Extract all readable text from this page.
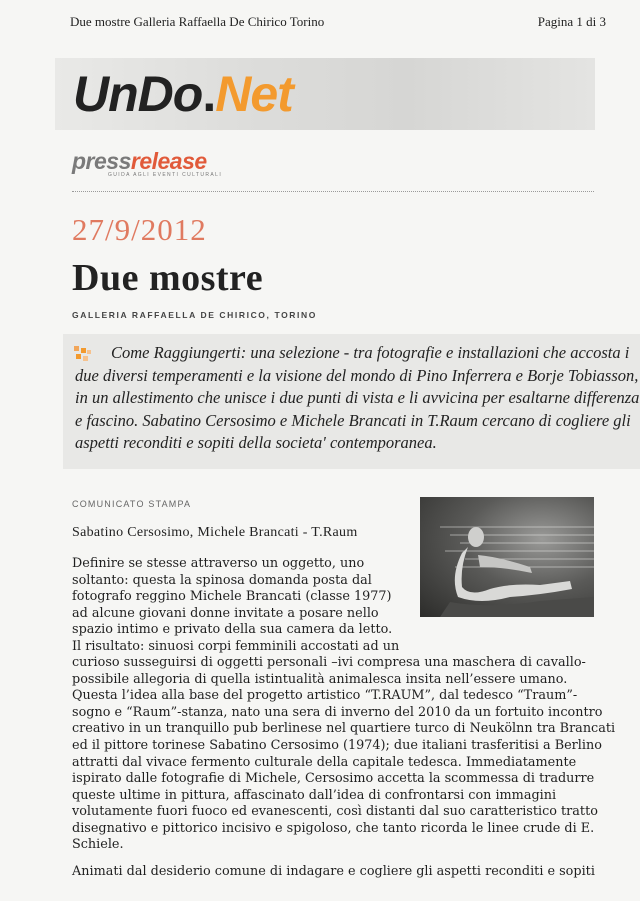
Due mostre Galleria Raffaella De Chirico Torino	Pagina 1 di 3
UnDo.Net
pressrelease
GUIDA AGLI EVENTI CULTURALI
27/9/2012
Due mostre
GALLERIA RAFFAELLA DE CHIRICO, TORINO
Come Raggiungerti: una selezione - tra fotografie e installazioni che accosta i due diversi temperamenti e la visione del mondo di Pino Inferrera e Borje Tobiasson, in un allestimento che unisce i due punti di vista e li avvicina per esaltarne differenza e fascino. Sabatino Cersosimo e Michele Brancati in T.Raum cercano di cogliere gli aspetti reconditi e sopiti della societa' contemporanea.
COMUNICATO STAMPA
Sabatino Cersosimo, Michele Brancati - T.Raum
Definire se stesse attraverso un oggetto, uno
soltanto: questa la spinosa domanda posta dal
fotografo reggino Michele Brancati (classe 1977)
ad alcune giovani donne invitate a posare nello
spazio intimo e privato della sua camera da letto.
Il risultato: sinuosi corpi femminili accostati ad un
curioso susseguirsi di oggetti personali –ivi compresa una maschera di cavallo-
possibile allegoria di quella istintualità animalesca insita nell’essere umano.
Questa l’idea alla base del progetto artistico “T.RAUM”, dal tedesco “Traum”-
sogno e “Raum”-stanza, nato una sera di inverno del 2010 da un fortuito incontro
creativo in un tranquillo pub berlinese nel quartiere turco di Neukölnn tra Brancati
ed il pittore torinese Sabatino Cersosimo (1974); due italiani trasferitisi a Berlino
attratti dal vivace fermento culturale della capitale tedesca. Immediatamente
ispirato dalle fotografie di Michele, Cersosimo accetta la scommessa di tradurre
queste ultime in pittura, affascinato dall’idea di confrontarsi con immagini
volutamente fuori fuoco ed evanescenti, così distanti dal suo caratteristico tratto
disegnativo e pittorico incisivo e spigoloso, che tanto ricorda le linee crude di E.
Schiele.
Animati dal desiderio comune di indagare e cogliere gli aspetti reconditi e sopiti
